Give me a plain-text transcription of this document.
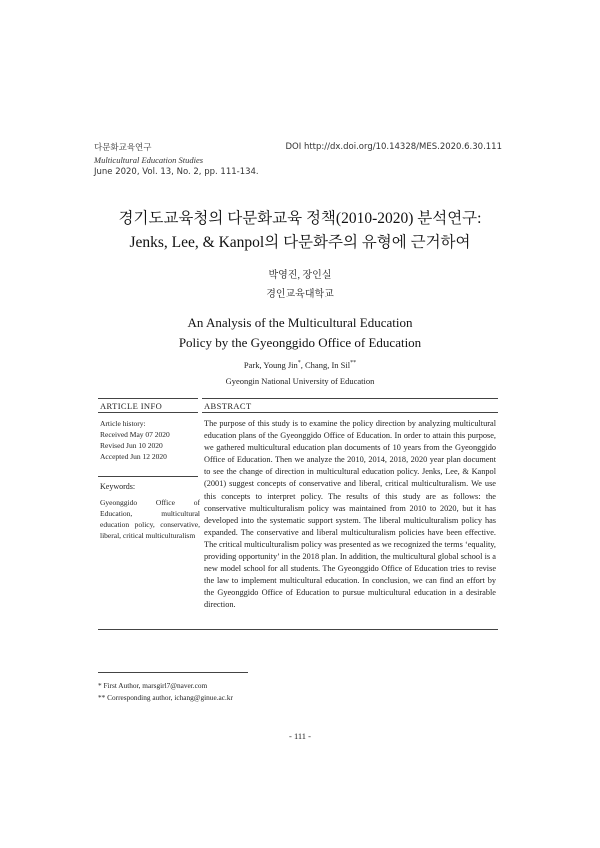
다문화교육연구
Multicultural Education Studies
June 2020, Vol. 13, No. 2, pp. 111-134.
DOI http://dx.doi.org/10.14328/MES.2020.6.30.111
경기도교육청의 다문화교육 정책(2010-2020) 분석연구:
Jenks, Lee, & Kanpol의 다문화주의 유형에 근거하여
박영진, 장인실
경인교육대학교
An Analysis of the Multicultural Education
Policy by the Gyeonggido Office of Education
Park, Young Jin*, Chang, In Sil**
Gyeongin National University of Education
ARTICLE INFO	ABSTRACT
Article history:
Received May 07 2020
Revised Jun 10 2020
Accepted Jun 12 2020
Keywords:
Gyeonggido Office of Education, multicultural education policy, conservative, liberal, critical multiculturalism
The purpose of this study is to examine the policy direction by analyzing multicultural education plans of the Gyeonggido Office of Education. In order to attain this purpose, we gathered multicultural education plan documents of 10 years from the Gyeonggido Office of Education. Then we analyze the 2010, 2014, 2018, 2020 year plan document to see the change of direction in multicultural education policy. Jenks, Lee, & Kanpol (2001) suggest concepts of conservative and liberal, critical multiculturalism. We use this concepts to interpret policy. The results of this study are as follows: the conservative multiculturalism policy was maintained from 2010 to 2020, but it has developed into the systematic support system. The liberal multiculturalism policy has expanded. The conservative and liberal multiculturalism policies have been effective. The critical multiculturalism policy was presented as we recognized the terms ‘equality, providing opportunity’ in the 2018 plan. In addition, the multicultural global school is a new model school for all students. The Gyeonggido Office of Education tries to revise the law to implement multicultural education. In conclusion, we can find an effort by the Gyeonggido Office of Education to pursue multicultural education in a desirable direction.
* First Author, marsgirl7@naver.com
** Corresponding author, ichang@ginue.ac.kr
- 111 -
